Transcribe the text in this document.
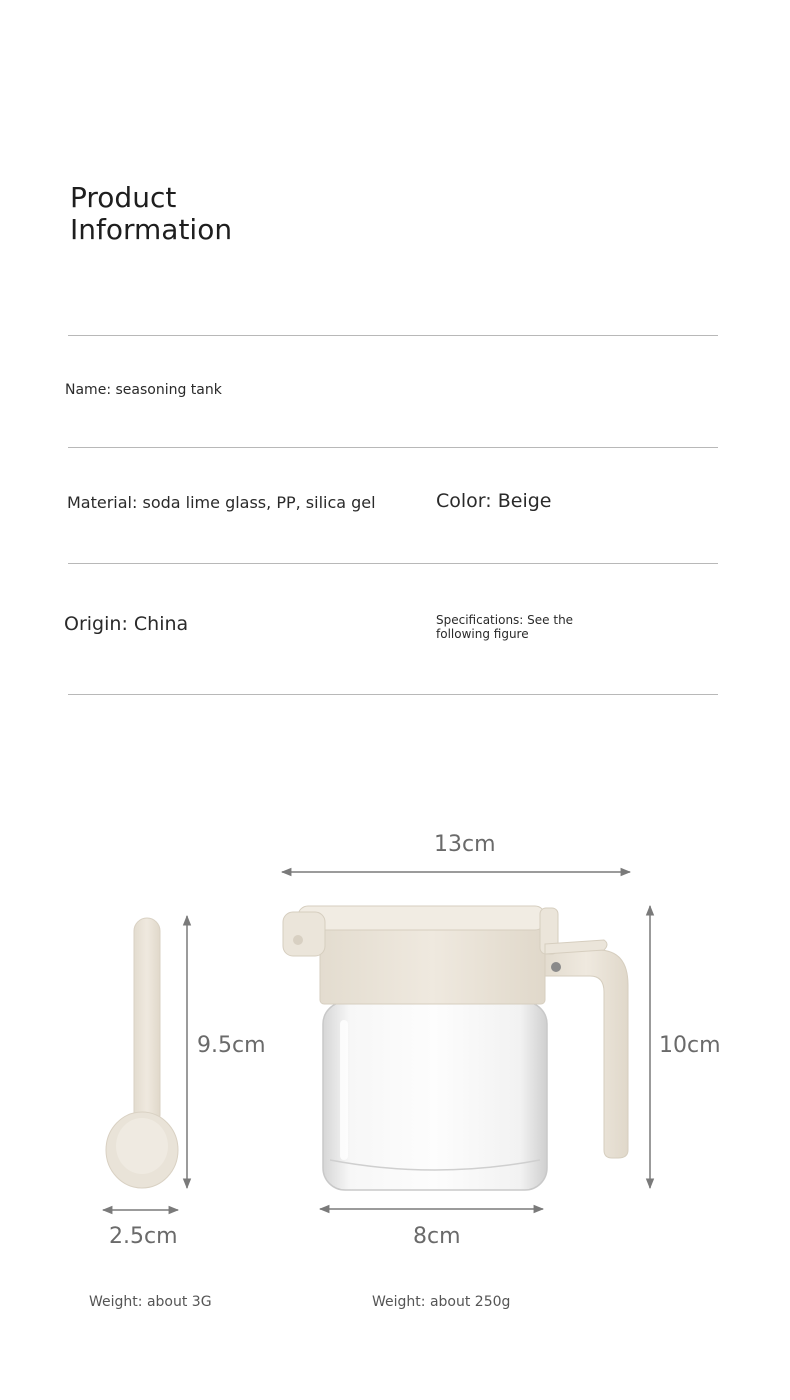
Product
Information
Name : seasoning tank
Material : soda lime glass, PP, silica gel	Color : Beige
Origin : China	Specifications : See the following figure
13cm
9.5cm	10cm
2.5cm	8cm
Weight : about 3G	Weight : about 250g
